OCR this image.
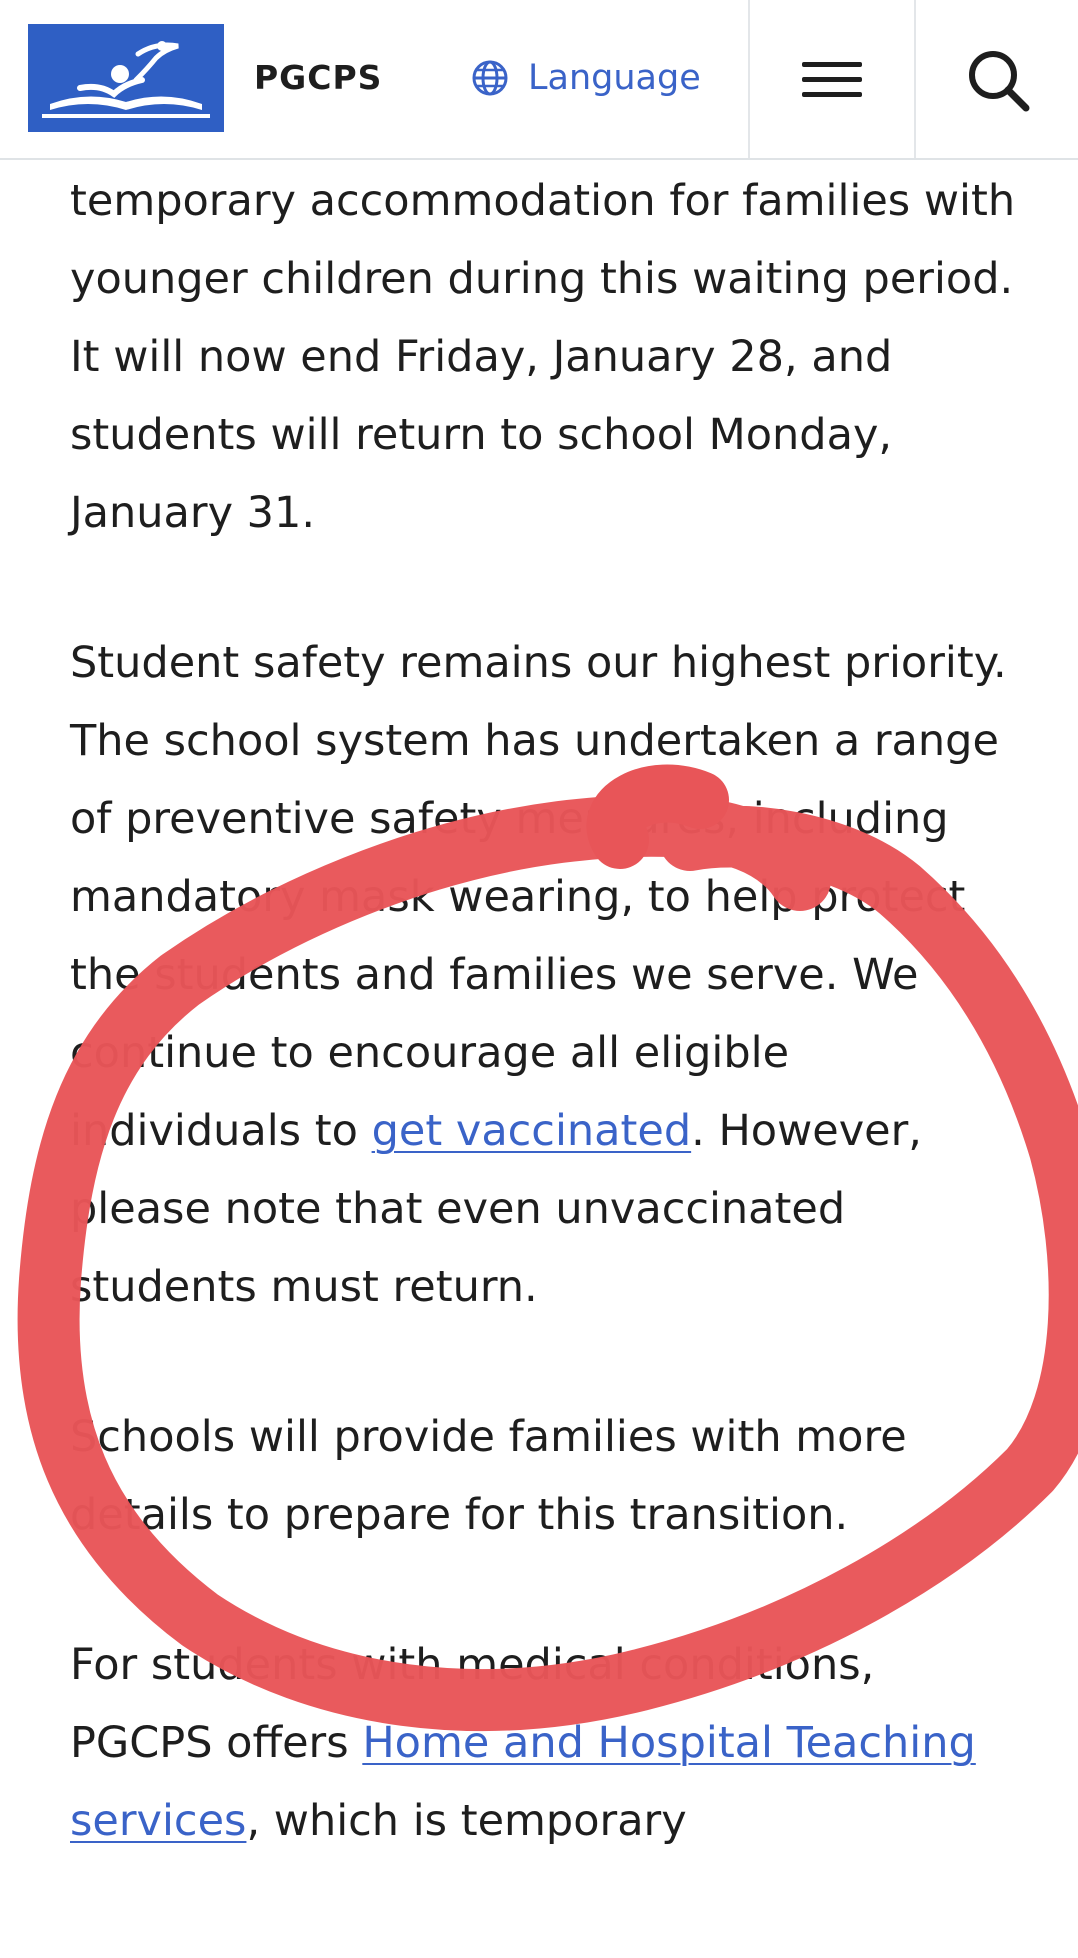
PGCPS	Language

temporary accommodation for families with younger children during this waiting period. It will now end Friday, January 28, and students will return to school Monday, January 31.

Student safety remains our highest priority. The school system has undertaken a range of preventive safety measures, including mandatory mask wearing, to help protect the students and families we serve. We continue to encourage all eligible individuals to get vaccinated. However, please note that even unvaccinated students must return.

Schools will provide families with more details to prepare for this transition.

For students with medical conditions, PGCPS offers Home and Hospital Teaching services, which is temporary
